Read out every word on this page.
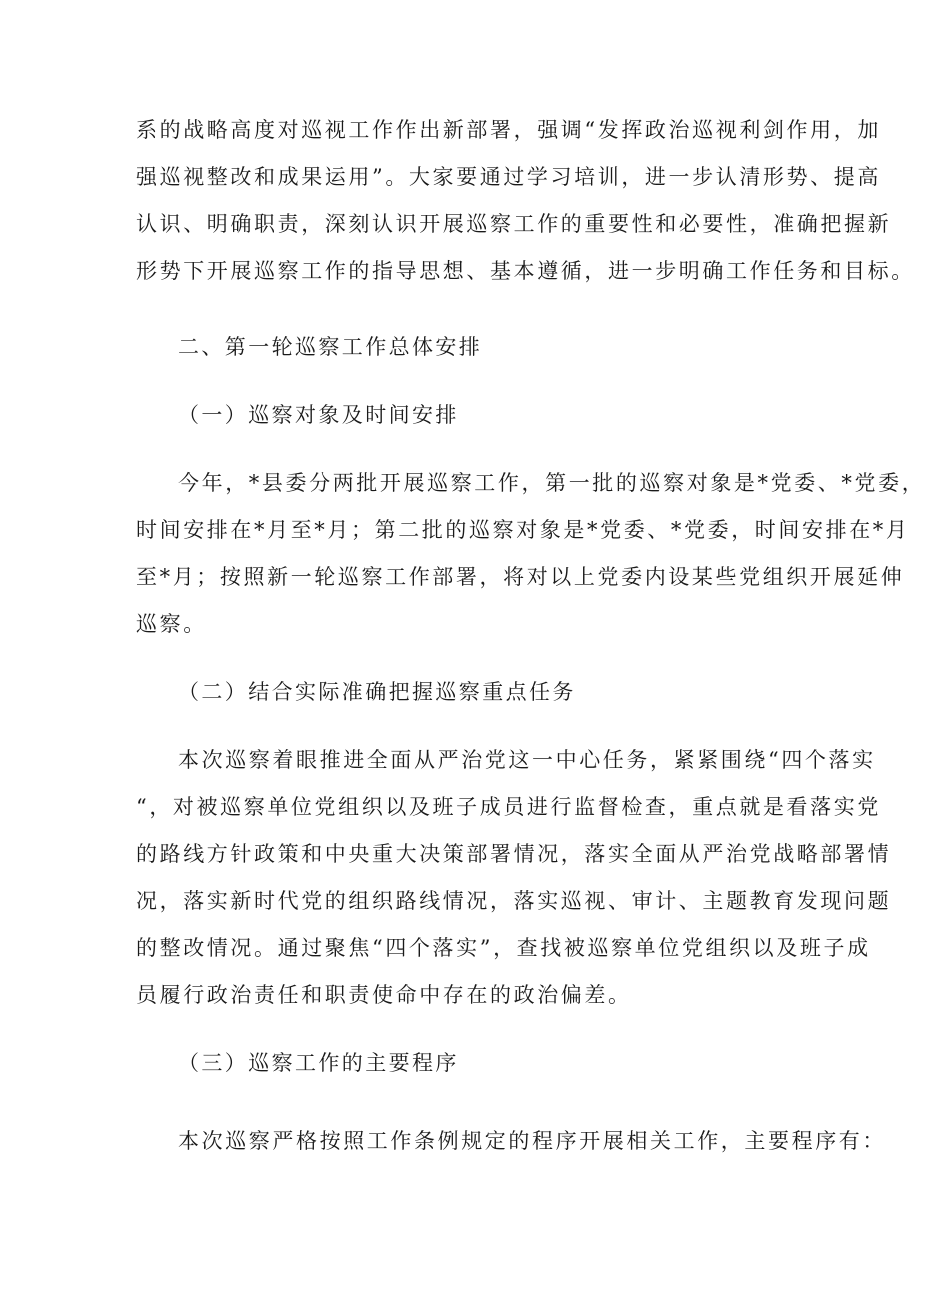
系的战略高度对巡视工作作出新部署，强调“发挥政治巡视利剑作用，加

强巡视整改和成果运用”。大家要通过学习培训，进一步认清形势、提高

认识、明确职责，深刻认识开展巡察工作的重要性和必要性，准确把握新

形势下开展巡察工作的指导思想、基本遵循，进一步明确工作任务和目标。

二、第一轮巡察工作总体安排

（一）巡察对象及时间安排

今年，*县委分两批开展巡察工作，第一批的巡察对象是*党委、*党委，

时间安排在*月至*月；第二批的巡察对象是*党委、*党委，时间安排在*月

至*月；按照新一轮巡察工作部署，将对以上党委内设某些党组织开展延伸

巡察。

（二）结合实际准确把握巡察重点任务

本次巡察着眼推进全面从严治党这一中心任务，紧紧围绕“四个落实

“，对被巡察单位党组织以及班子成员进行监督检查，重点就是看落实党

的路线方针政策和中央重大决策部署情况，落实全面从严治党战略部署情

况，落实新时代党的组织路线情况，落实巡视、审计、主题教育发现问题

的整改情况。通过聚焦“四个落实”，查找被巡察单位党组织以及班子成

员履行政治责任和职责使命中存在的政治偏差。

（三）巡察工作的主要程序

本次巡察严格按照工作条例规定的程序开展相关工作，主要程序有：
